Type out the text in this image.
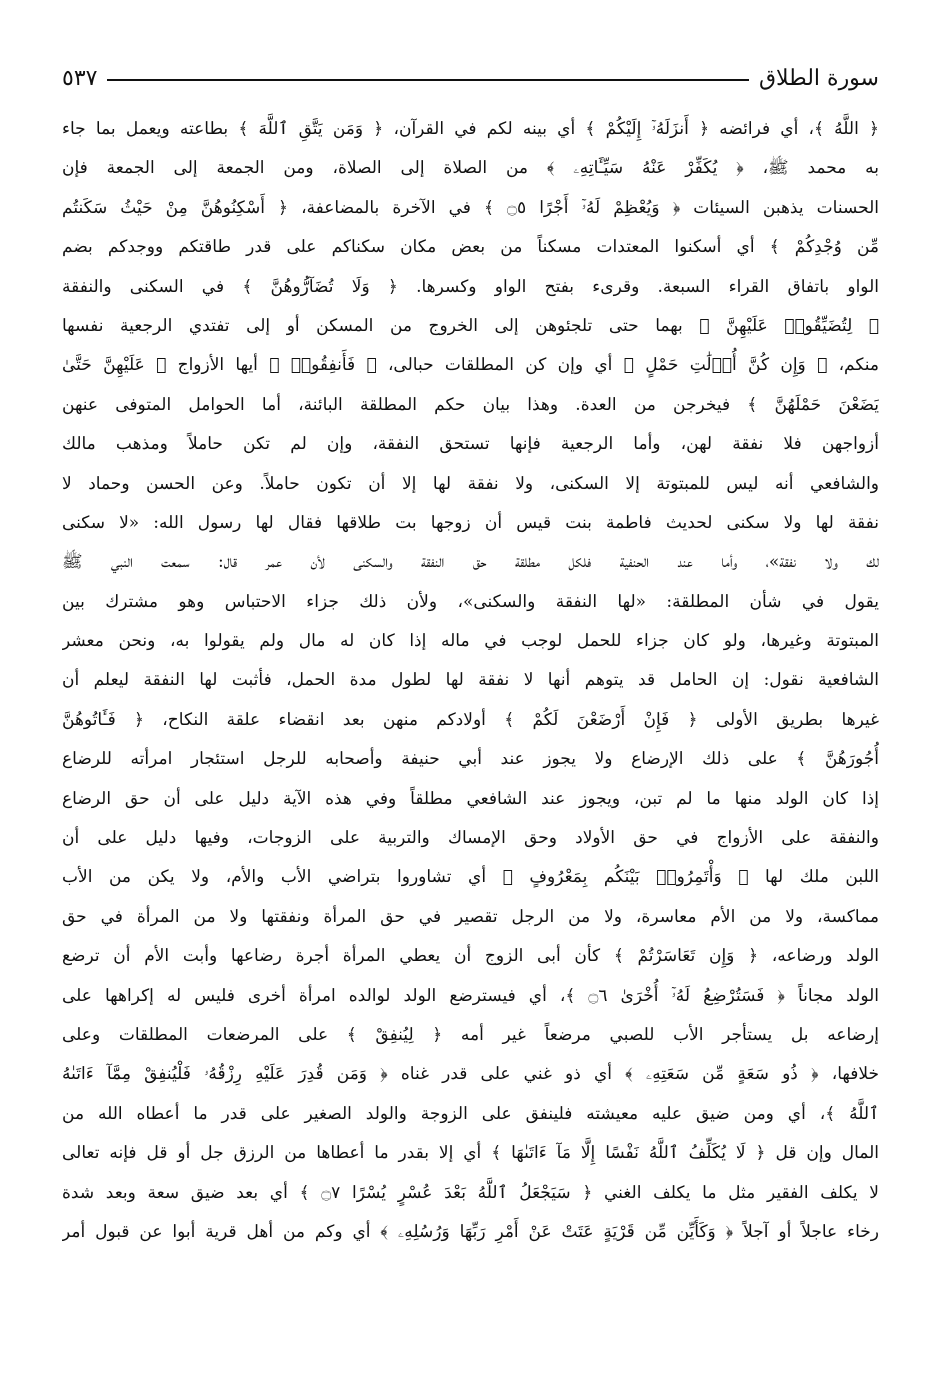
سورة الطلاق
٥٣٧
﴿ اللَّهُ ﴾، أي فرائضه ﴿ أَنزَلَهُۥٓ إِلَيْكُمْ ﴾ أي بينه لكم في القرآن، ﴿ وَمَن يَتَّقِ ٱللَّهَ ﴾ بطاعته ويعمل بما جاء
به محمد ﷺ، ﴿ يُكَفِّرْ عَنْهُ سَيِّـَٔاتِهِۦ ﴾ من الصلاة إلى الصلاة، ومن الجمعة إلى الجمعة فإن
الحسنات يذهبن السيئات ﴿ وَيُعْظِمْ لَهُۥٓ أَجْرًا ۝٥ ﴾ في الآخرة بالمضاعفة، ﴿ أَسْكِنُوهُنَّ مِنْ حَيْثُ سَكَنتُم
مِّن وُجْدِكُمْ ﴾ أي أسكنوا المعتدات مسكناً من بعض مكان سكناكم على قدر طاقتكم ووجدكم بضم
الواو باتفاق القراء السبعة. وقرىء بفتح الواو وكسرها. ﴿ وَلَا تُضَآرُّوهُنَّ ﴾ في السكنى والنفقة
﴿ لِتُضَيِّقُوا۟ عَلَيْهِنَّ ﴾ بهما حتى تلجئوهن إلى الخروج من المسكن أو إلى تفتدي الرجعية نفسها
منكم، ﴿ وَإِن كُنَّ أُو۟لَٰتِ حَمْلٍ ﴾ أي وإن كن المطلقات حبالى، ﴿ فَأَنفِقُوا۟ ﴾ أيها الأزواج ﴿ عَلَيْهِنَّ حَتَّىٰ
يَضَعْنَ حَمْلَهُنَّ ﴾ فيخرجن من العدة. وهذا بيان حكم المطلقة البائنة، أما الحوامل المتوفى عنهن
أزواجهن فلا نفقة لهن، وأما الرجعية فإنها تستحق النفقة، وإن لم تكن حاملاً ومذهب مالك
والشافعي أنه ليس للمبتوتة إلا السكنى، ولا نفقة لها إلا أن تكون حاملاً. وعن الحسن وحماد لا
نفقة لها ولا سكنى لحديث فاطمة بنت قيس أن زوجها بت طلاقها فقال لها رسول الله: «لا سكنى
لك ولا نفقة»، وأما عند الحنفية فلكل مطلقة حق النفقة والسكنى لأن عمر قال: سمعت النبي ﷺ
يقول في شأن المطلقة: «لها النفقة والسكنى»، ولأن ذلك جزاء الاحتباس وهو مشترك بين
المبتوتة وغيرها، ولو كان جزاء للحمل لوجب في ماله إذا كان له مال ولم يقولوا به، ونحن معشر
الشافعية نقول: إن الحامل قد يتوهم أنها لا نفقة لها لطول مدة الحمل، فأثبت لها النفقة ليعلم أن
غيرها بطريق الأولى ﴿ فَإِنْ أَرْضَعْنَ لَكُمْ ﴾ أولادكم منهن بعد انقضاء علقة النكاح، ﴿ فَـَٔاتُوهُنَّ
أُجُورَهُنَّ ﴾ على ذلك الإرضاع ولا يجوز عند أبي حنيفة وأصحابه للرجل استئجار امرأته للرضاع
إذا كان الولد منها ما لم تبن، ويجوز عند الشافعي مطلقاً وفي هذه الآية دليل على أن حق الرضاع
والنفقة على الأزواج في حق الأولاد وحق الإمساك والتربية على الزوجات، وفيها دليل على أن
اللبن ملك لها ﴿ وَأْتَمِرُوا۟ بَيْنَكُم بِمَعْرُوفٍ ﴾ أي تشاوروا بتراضي الأب والأم، ولا يكن من الأب
مماكسة، ولا من الأم معاسرة، ولا من الرجل تقصير في حق المرأة ونفقتها ولا من المرأة في حق
الولد ورضاعه، ﴿ وَإِن تَعَاسَرْتُمْ ﴾ كأن أبى الزوج أن يعطي المرأة أجرة رضاعها وأبت الأم أن ترضع
الولد مجاناً ﴿ فَسَتُرْضِعُ لَهُۥٓ أُخْرَىٰ ۝٦ ﴾، أي فيسترضع الولد لوالده امرأة أخرى فليس له إكراهها على
إرضاعه بل يستأجر الأب للصبي مرضعاً غير أمه ﴿ لِيُنفِقْ ﴾ على المرضعات المطلقات وعلى
خلافها، ﴿ ذُو سَعَةٍ مِّن سَعَتِهِۦ ﴾ أي ذو غني على قدر غناه ﴿ وَمَن قُدِرَ عَلَيْهِ رِزْقُهُۥ فَلْيُنفِقْ مِمَّآ ءَاتَىٰهُ
ٱللَّهُ ﴾، أي ومن ضيق عليه معيشته فلينفق على الزوجة والولد الصغير على قدر ما أعطاه الله من
المال وإن قل ﴿ لَا يُكَلِّفُ ٱللَّهُ نَفْسًا إِلَّا مَآ ءَاتَىٰهَا ﴾ أي إلا بقدر ما أعطاها من الرزق جل أو قل فإنه تعالى
لا يكلف الفقير مثل ما يكلف الغني ﴿ سَيَجْعَلُ ٱللَّهُ بَعْدَ عُسْرٍ يُسْرًا ۝٧ ﴾ أي بعد ضيق سعة وبعد شدة
رخاء عاجلاً أو آجلاً ﴿ وَكَأَيِّن مِّن قَرْيَةٍ عَتَتْ عَنْ أَمْرِ رَبِّهَا وَرُسُلِهِۦ ﴾ أي وكم من أهل قرية أبوا عن قبول أمر
